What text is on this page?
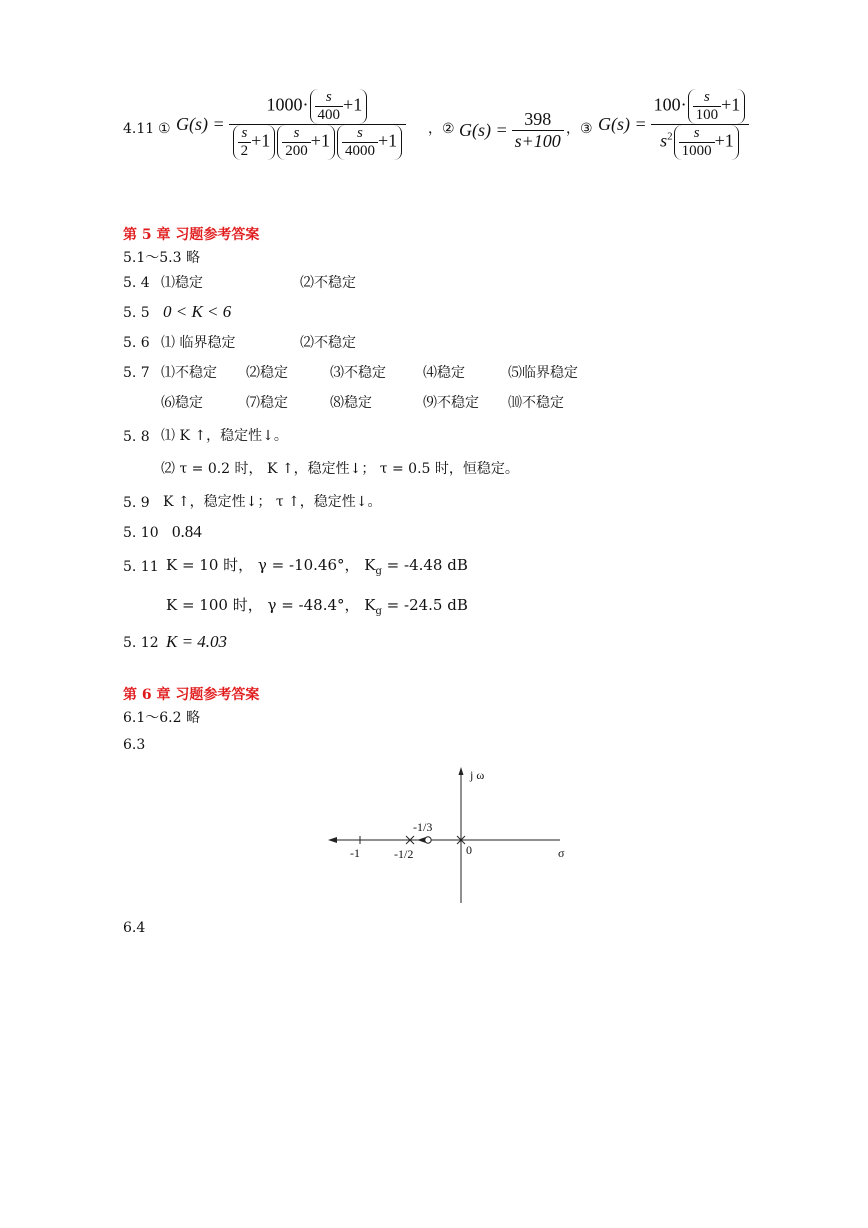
4.11 ① $G(s) = \frac{1000\cdot \frac{s}{400} +1}{\frac{s}{2} +1 \frac{s}{200} +1 \frac{s}{4000} +1}$ ， ② $G(s) = \frac{398}{s+100}$ ， ③ $G(s) = \frac{100\cdot \frac{s}{100} +1}{s^2 \frac{s}{1000} +1}$
第 5 章 习题参考答案
5.1～5.3 略
5. 4 ⑴稳定	⑵不稳定
5. 5 0 < K < 6
5. 6 ⑴ 临界稳定	⑵不稳定
5. 7 ⑴不稳定 ⑵稳定	⑶不稳定	⑷稳定	⑸临界稳定
⑹稳定	⑺稳定	⑻稳定	⑼不稳定 ⑽不稳定
5. 8 ⑴ K ↑，稳定性↓。
⑵ τ = 0.2 时， K ↑，稳定性↓； τ = 0.5 时，恒稳定。
5. 9 K ↑，稳定性↓； τ ↑，稳定性↓。
5. 10 0.84
5. 11 K = 10 时， γ = -10.46°， $K_g = -4.48$ dB
K = 100 时， γ = -48.4°， $K_g = -24.5$ dB
5. 12 K = 4.03
第 6 章 习题参考答案
6.1～6.2 略
6.3
j ω
σ
0
-1	-1/2
-1/3
6.4
